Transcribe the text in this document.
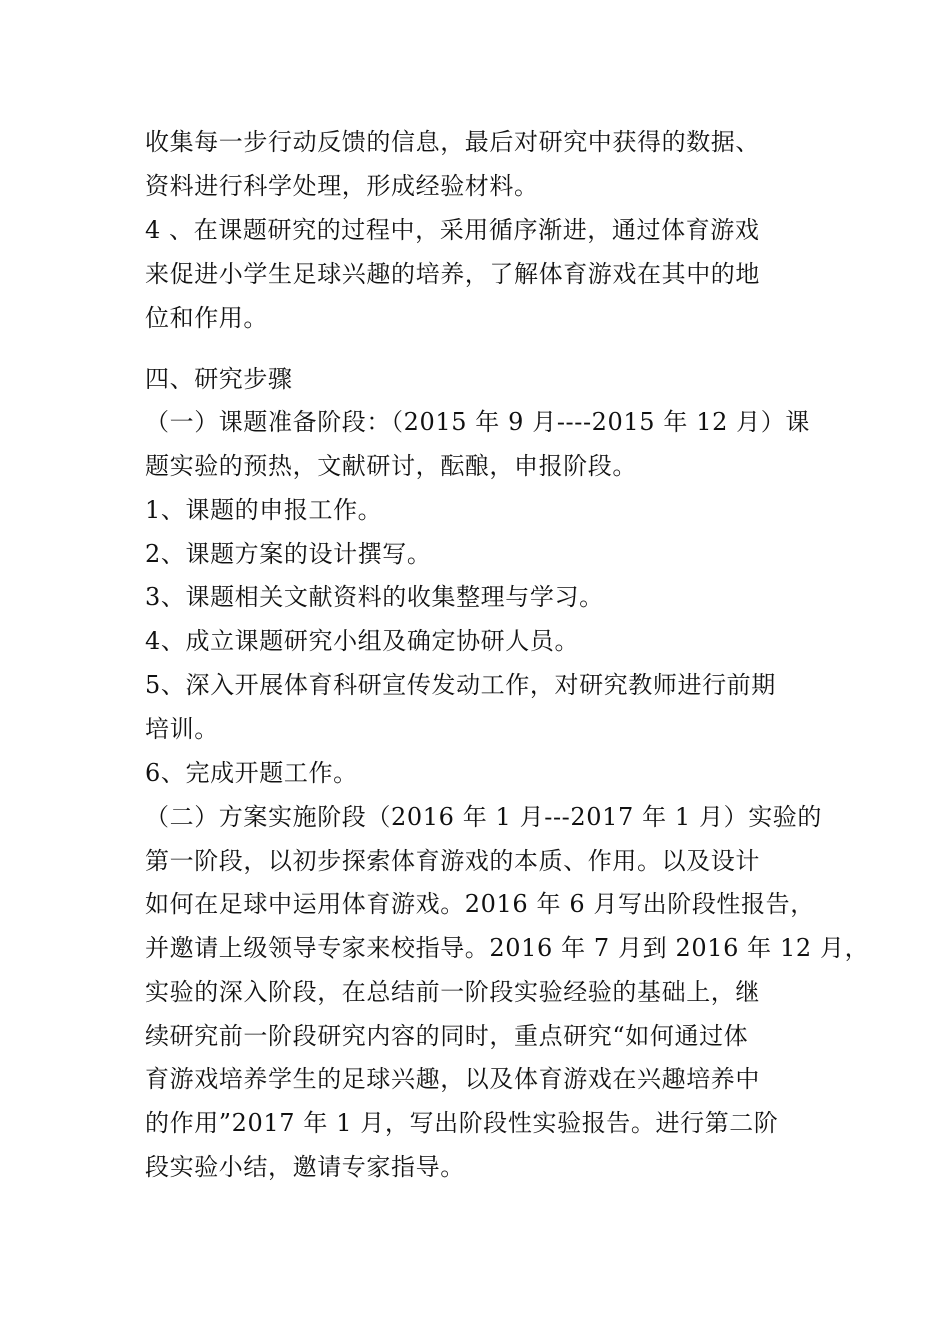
收集每一步行动反馈的信息，最后对研究中获得的数据、
资料进行科学处理，形成经验材料。
4 、在课题研究的过程中，采用循序渐进，通过体育游戏
来促进小学生足球兴趣的培养，了解体育游戏在其中的地
位和作用。
四、研究步骤
（一）课题准备阶段：（2015 年 9 月----2015 年 12 月）课
题实验的预热，文献研讨，酝酿，申报阶段。
1、课题的申报工作。
2、课题方案的设计撰写。
3、课题相关文献资料的收集整理与学习。
4、成立课题研究小组及确定协研人员。
5、深入开展体育科研宣传发动工作，对研究教师进行前期
培训。
6、完成开题工作。
（二）方案实施阶段（2016 年 1 月---2017 年 1 月）实验的
第一阶段，以初步探索体育游戏的本质、作用。以及设计
如何在足球中运用体育游戏。2016 年 6 月写出阶段性报告，
并邀请上级领导专家来校指导。2016 年 7 月到 2016 年 12 月，
实验的深入阶段，在总结前一阶段实验经验的基础上，继
续研究前一阶段研究内容的同时，重点研究“如何通过体
育游戏培养学生的足球兴趣，以及体育游戏在兴趣培养中
的作用”2017 年 1 月，写出阶段性实验报告。进行第二阶
段实验小结，邀请专家指导。
